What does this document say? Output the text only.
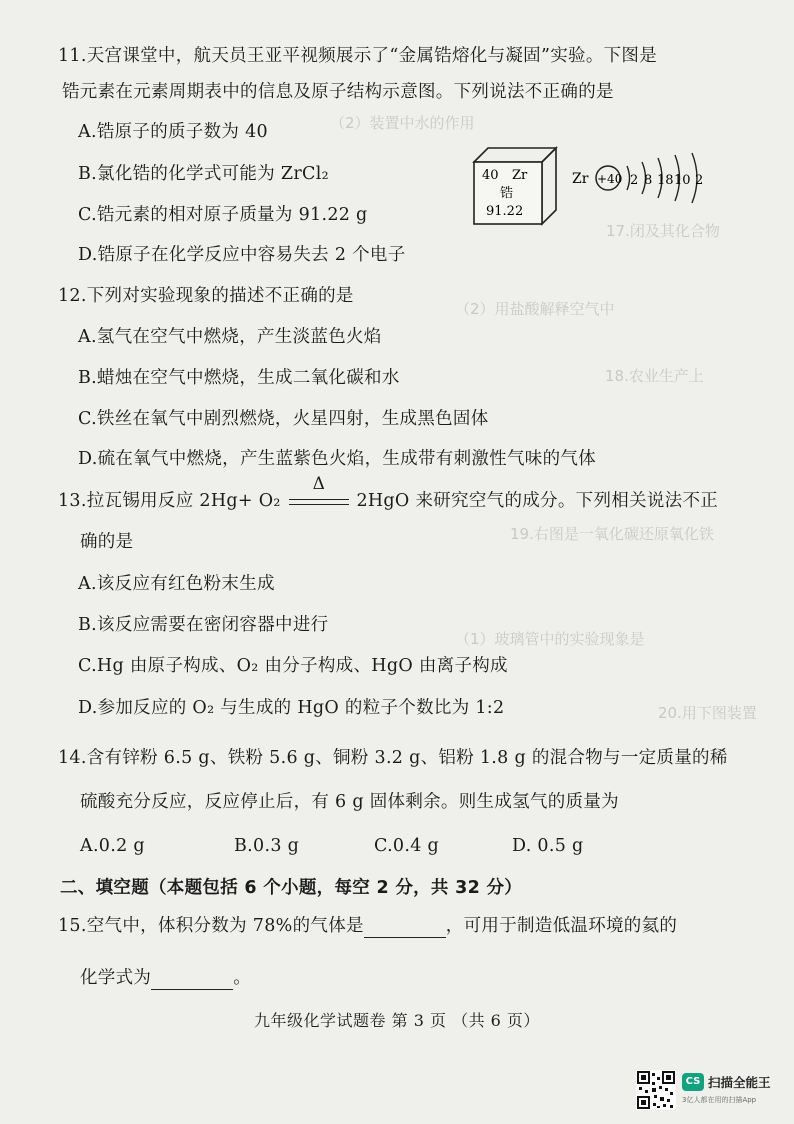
（2）装置中水的作用
17.闭及其化合物
（2）用盐酸解释空气中
18.农业生产上
19.右图是一氧化碳还原氧化铁
（1）玻璃管中的实验现象是
20.用下图装置
11.天宫课堂中，航天员王亚平视频展示了“金属锆熔化与凝固”实验。下图是
锆元素在元素周期表中的信息及原子结构示意图。下列说法不正确的是
A.锆原子的质子数为 40
B.氯化锆的化学式可能为 ZrCl₂
C.锆元素的相对原子质量为 91.22 g
D.锆原子在化学反应中容易失去 2 个电子
40 Zr
锆
91.22
Zr +40 2 8 18 10 2
12.下列对实验现象的描述不正确的是
A.氢气在空气中燃烧，产生淡蓝色火焰
B.蜡烛在空气中燃烧，生成二氧化碳和水
C.铁丝在氧气中剧烈燃烧，火星四射，生成黑色固体
D.硫在氧气中燃烧，产生蓝紫色火焰，生成带有刺激性气味的气体
13.拉瓦锡用反应 2Hg+ O₂
Δ
2HgO 来研究空气的成分。下列相关说法不正
确的是
A.该反应有红色粉末生成
B.该反应需要在密闭容器中进行
C.Hg 由原子构成、O₂ 由分子构成、HgO 由离子构成
D.参加反应的 O₂ 与生成的 HgO 的粒子个数比为 1:2
14.含有锌粉 6.5 g、铁粉 5.6 g、铜粉 3.2 g、铝粉 1.8 g 的混合物与一定质量的稀
硫酸充分反应，反应停止后，有 6 g 固体剩余。则生成氢气的质量为
A.0.2 g	B.0.3 g	C.0.4 g	D. 0.5 g
二、填空题（本题包括 6 个小题，每空 2 分，共 32 分）
15.空气中，体积分数为 78%的气体是	，可用于制造低温环境的氦的
化学式为	。
九年级化学试题卷 第 3 页 （共 6 页）
CS 扫描全能王
3亿人都在用的扫描App
